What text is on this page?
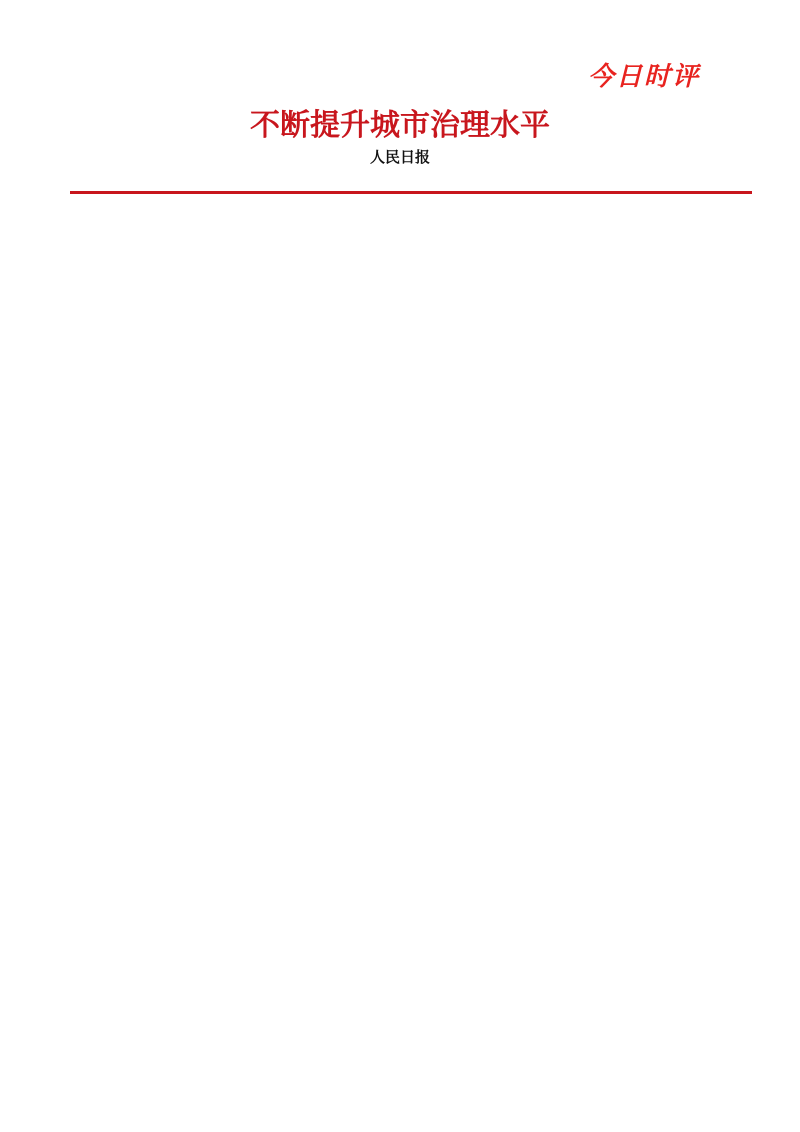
今日时评
不断提升城市治理水平
人民日报
